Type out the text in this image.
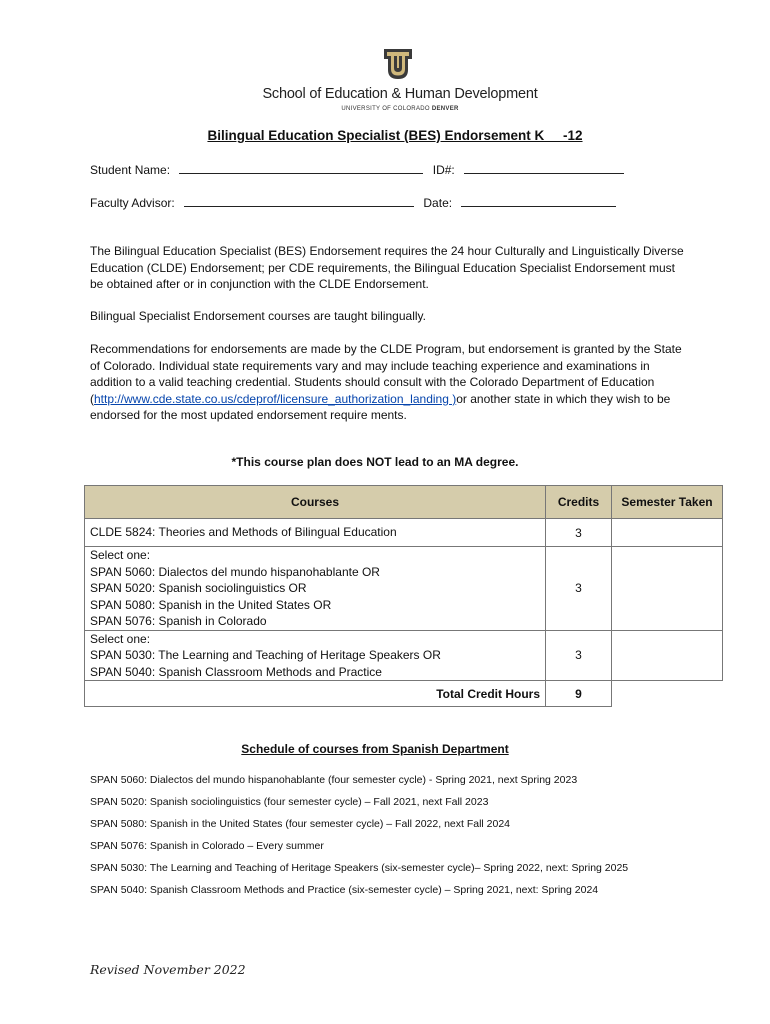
School of Education & Human Development
UNIVERSITY OF COLORADO DENVER
Bilingual Education Specialist (BES) Endorsement K     -12
Student Name:	ID#:
Faculty Advisor:	Date:
The Bilingual Education Specialist (BES) Endorsement requires the 24 hour Culturally and Linguistically Diverse Education (CLDE) Endorsement; per CDE requirements, the Bilingual Education Specialist Endorsement must be obtained after or in conjunction with the CLDE Endorsement.
Bilingual Specialist Endorsement courses are taught bilingually.
Recommendations for endorsements are made by the CLDE Program, but endorsement is granted by the State of Colorado. Individual state requirements vary and may include teaching experience and examinations in addition to a valid teaching credential. Students should consult with the Colorado Department of Education (http://www.cde.state.co.us/cdeprof/licensure_authorization_landing )or another state in which they wish to be endorsed for the most updated endorsement require ments.
*This course plan does NOT lead to an MA degree.
Courses	Credits	Semester Taken

CLDE 5824: Theories and Methods of Bilingual Education	3	

Select one:
SPAN 5060: Dialectos del mundo hispanohablante OR
SPAN 5020: Spanish sociolinguistics OR
SPAN 5080: Spanish in the United States OR
SPAN 5076: Spanish in Colorado	3	

Select one:
SPAN 5030: The Learning and Teaching of Heritage Speakers OR
SPAN 5040: Spanish Classroom Methods and Practice	3	
Total Credit Hours	9	
Schedule of courses from Spanish Department
SPAN 5060: Dialectos del mundo hispanohablante (four semester cycle) - Spring 2021, next Spring 2023
SPAN 5020: Spanish sociolinguistics (four semester cycle) – Fall 2021, next Fall 2023
SPAN 5080: Spanish in the United States (four semester cycle) – Fall 2022, next Fall 2024
SPAN 5076: Spanish in Colorado – Every summer
SPAN 5030: The Learning and Teaching of Heritage Speakers (six-semester cycle)– Spring 2022, next: Spring 2025
SPAN 5040: Spanish Classroom Methods and Practice (six-semester cycle) – Spring 2021, next: Spring 2024
Revised November 2022
